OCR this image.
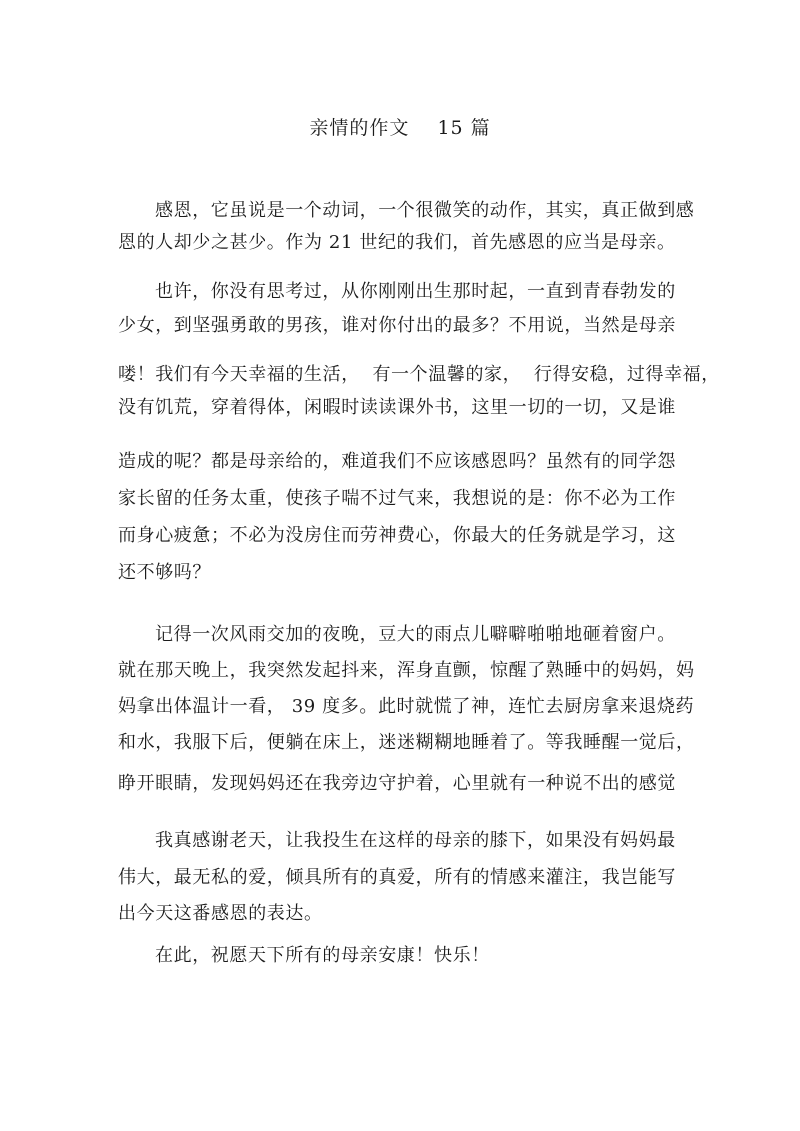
亲情的作文    15 篇
感恩，它虽说是一个动词，一个很微笑的动作，其实，真正做到感
恩的人却少之甚少。作为 21 世纪的我们，首先感恩的应当是母亲。
也许，你没有思考过，从你刚刚出生那时起，一直到青春勃发的
少女，到坚强勇敢的男孩，谁对你付出的最多？不用说，当然是母亲
喽！我们有今天幸福的生活，  有一个温馨的家，  行得安稳，过得幸福，
没有饥荒，穿着得体，闲暇时读读课外书，这里一切的一切，又是谁
造成的呢？都是母亲给的，难道我们不应该感恩吗？虽然有的同学怨
家长留的任务太重，使孩子喘不过气来，我想说的是：你不必为工作
而身心疲惫；不必为没房住而劳神费心，你最大的任务就是学习，这
还不够吗？
记得一次风雨交加的夜晚，豆大的雨点儿噼噼啪啪地砸着窗户。
就在那天晚上，我突然发起抖来，浑身直颤，惊醒了熟睡中的妈妈，妈
妈拿出体温计一看， 39 度多。此时就慌了神，连忙去厨房拿来退烧药
和水，我服下后，便躺在床上，迷迷糊糊地睡着了。等我睡醒一觉后，
睁开眼睛，发现妈妈还在我旁边守护着，心里就有一种说不出的感觉
我真感谢老天，让我投生在这样的母亲的膝下，如果没有妈妈最
伟大，最无私的爱，倾具所有的真爱，所有的情感来灌注，我岂能写
出今天这番感恩的表达。
在此，祝愿天下所有的母亲安康！快乐！
